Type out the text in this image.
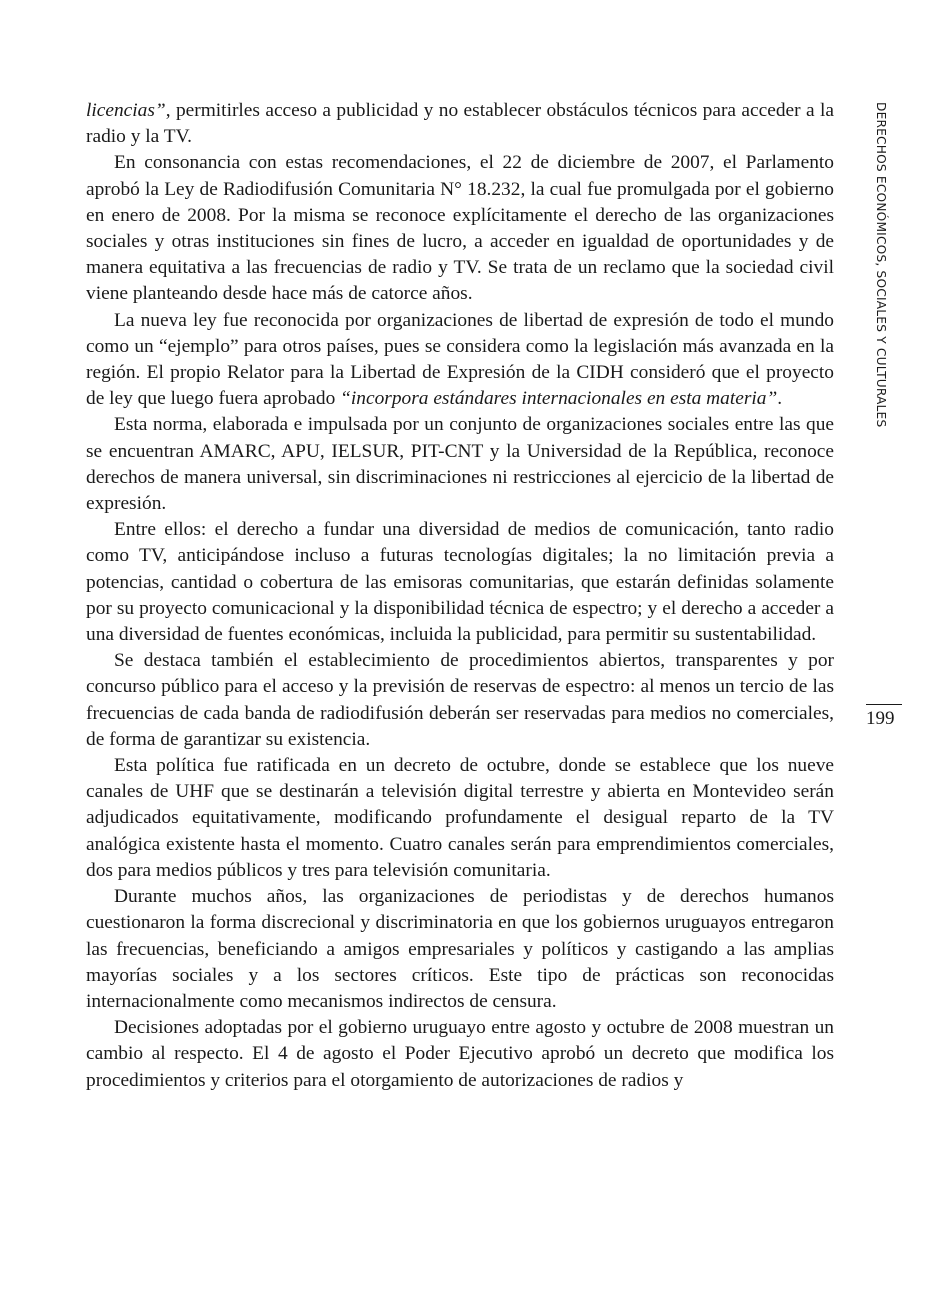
licencias”, permitirles acceso a publicidad y no establecer obstáculos técnicos para acceder a la radio y la TV.

En consonancia con estas recomendaciones, el 22 de diciembre de 2007, el Parlamento aprobó la Ley de Radiodifusión Comunitaria N° 18.232, la cual fue promulgada por el gobierno en enero de 2008. Por la misma se reconoce explícitamente el derecho de las organizaciones sociales y otras instituciones sin fines de lucro, a acceder en igualdad de oportunidades y de manera equitativa a las frecuencias de radio y TV. Se trata de un reclamo que la sociedad civil viene planteando desde hace más de catorce años.

La nueva ley fue reconocida por organizaciones de libertad de expresión de todo el mundo como un “ejemplo” para otros países, pues se considera como la legislación más avanzada en la región. El propio Relator para la Libertad de Expresión de la CIDH consideró que el proyecto de ley que luego fuera aprobado “incorpora estándares internacionales en esta materia”.

Esta norma, elaborada e impulsada por un conjunto de organizaciones sociales entre las que se encuentran AMARC, APU, IELSUR, PIT-CNT y la Universidad de la República, reconoce derechos de manera universal, sin discriminaciones ni restricciones al ejercicio de la libertad de expresión.

Entre ellos: el derecho a fundar una diversidad de medios de comunicación, tanto radio como TV, anticipándose incluso a futuras tecnologías digitales; la no limitación previa a potencias, cantidad o cobertura de las emisoras comunitarias, que estarán definidas solamente por su proyecto comunicacional y la disponibilidad técnica de espectro; y el derecho a acceder a una diversidad de fuentes económicas, incluida la publicidad, para permitir su sustentabilidad.

Se destaca también el establecimiento de procedimientos abiertos, transparentes y por concurso público para el acceso y la previsión de reservas de espectro: al menos un tercio de las frecuencias de cada banda de radiodifusión deberán ser reservadas para medios no comerciales, de forma de garantizar su existencia.

Esta política fue ratificada en un decreto de octubre, donde se establece que los nueve canales de UHF que se destinarán a televisión digital terrestre y abierta en Montevideo serán adjudicados equitativamente, modificando profundamente el desigual reparto de la TV analógica existente hasta el momento. Cuatro canales serán para emprendimientos comerciales, dos para medios públicos y tres para televisión comunitaria.

Durante muchos años, las organizaciones de periodistas y de derechos humanos cuestionaron la forma discrecional y discriminatoria en que los gobiernos uruguayos entregaron las frecuencias, beneficiando a amigos empresariales y políticos y castigando a las amplias mayorías sociales y a los sectores críticos. Este tipo de prácticas son reconocidas internacionalmente como mecanismos indirectos de censura.

Decisiones adoptadas por el gobierno uruguayo entre agosto y octubre de 2008 muestran un cambio al respecto. El 4 de agosto el Poder Ejecutivo aprobó un decreto que modifica los procedimientos y criterios para el otorgamiento de autorizaciones de radios y

DERECHOS ECONÓMICOS, SOCIALES Y CULTURALES
199
